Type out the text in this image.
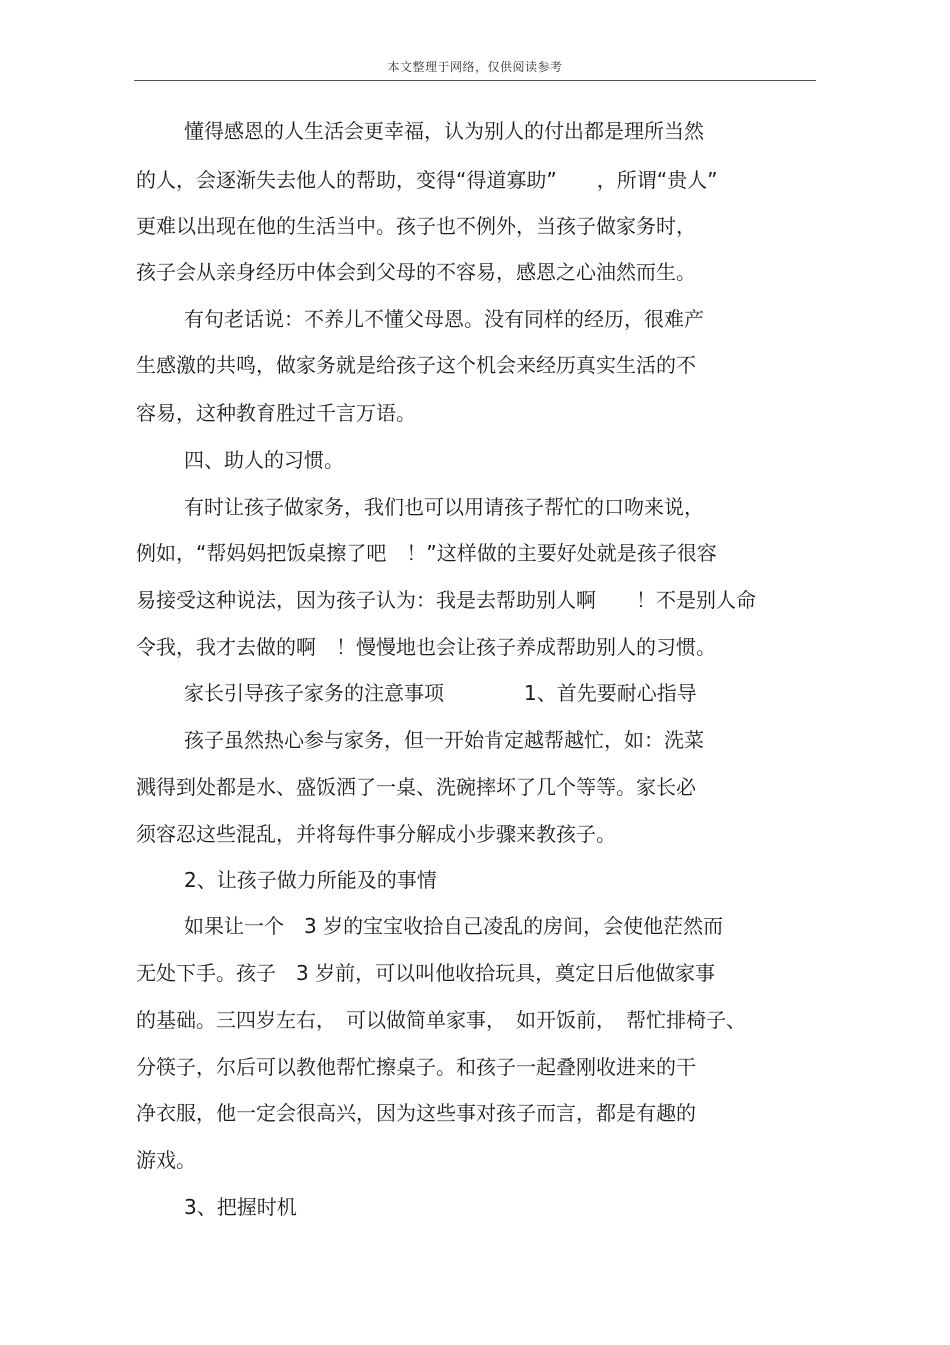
本文整理于网络，仅供阅读参考
懂得感恩的人生活会更幸福，认为别人的付出都是理所当然
的人，会逐渐失去他人的帮助，变得“得道寡助”　　，所谓“贵人”
更难以出现在他的生活当中。孩子也不例外，当孩子做家务时，
孩子会从亲身经历中体会到父母的不容易，感恩之心油然而生。
有句老话说：不养儿不懂父母恩。没有同样的经历，很难产
生感激的共鸣，做家务就是给孩子这个机会来经历真实生活的不
容易，这种教育胜过千言万语。
四、助人的习惯。
有时让孩子做家务，我们也可以用请孩子帮忙的口吻来说，
例如，“帮妈妈把饭桌擦了吧　！”这样做的主要好处就是孩子很容
易接受这种说法，因为孩子认为：我是去帮助别人啊　　！不是别人命
令我，我才去做的啊　！慢慢地也会让孩子养成帮助别人的习惯。
家长引导孩子家务的注意事项　　　　1、首先要耐心指导
孩子虽然热心参与家务，但一开始肯定越帮越忙，如：洗菜
溅得到处都是水、盛饭洒了一桌、洗碗摔坏了几个等等。家长必
须容忍这些混乱，并将每件事分解成小步骤来教孩子。
2、让孩子做力所能及的事情
如果让一个　3 岁的宝宝收拾自己凌乱的房间，会使他茫然而
无处下手。孩子　3 岁前，可以叫他收拾玩具，奠定日后他做家事
的基础。三四岁左右，　可以做简单家事，　如开饭前，　帮忙排椅子、
分筷子，尔后可以教他帮忙擦桌子。和孩子一起叠刚收进来的干
净衣服，他一定会很高兴，因为这些事对孩子而言，都是有趣的
游戏。
3、把握时机
